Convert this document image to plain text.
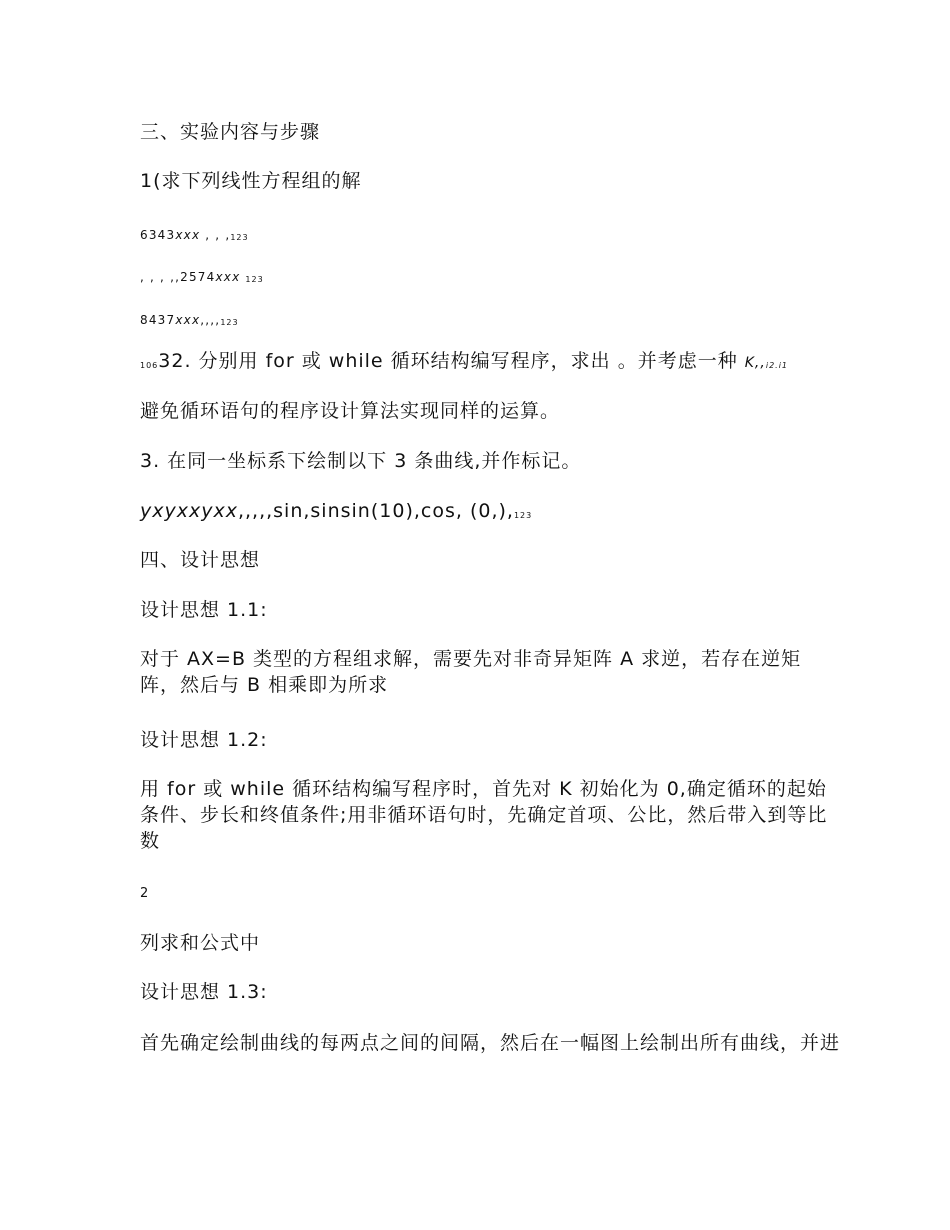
三、实验内容与步骤
1(求下列线性方程组的解
6343xxx , , ,123
, , , ,,2574xxx 123
8437xxx,,,,123
10632. 分别用 for 或 while 循环结构编写程序，求出 。并考虑一种 K,,i2.i1
避免循环语句的程序设计算法实现同样的运算。
3. 在同一坐标系下绘制以下 3 条曲线,并作标记。
yxyxxyxx,,,,,sin,sinsin(10),cos, (0,),123
四、设计思想
设计思想 1.1:
对于 AX=B 类型的方程组求解，需要先对非奇异矩阵 A 求逆，若存在逆矩阵，然后与 B 相乘即为所求
设计思想 1.2:
用 for 或 while 循环结构编写程序时，首先对 K 初始化为 0,确定循环的起始条件、步长和终值条件;用非循环语句时，先确定首项、公比，然后带入到等比数
2
列求和公式中
设计思想 1.3:
首先确定绘制曲线的每两点之间的间隔，然后在一幅图上绘制出所有曲线，并进
